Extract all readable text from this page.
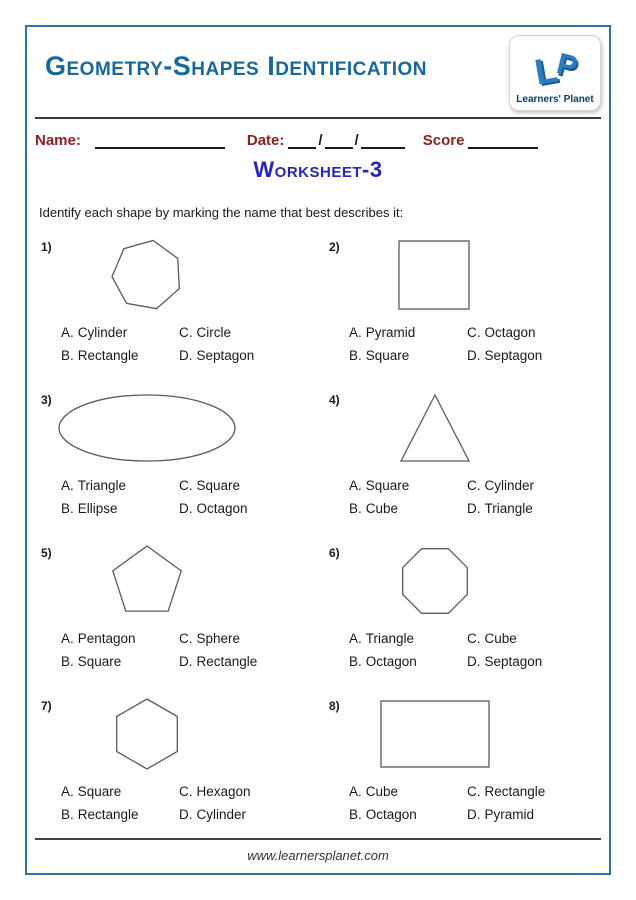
Geometry-Shapes Identification	LP
Learners' Planet
Name:	Date: / /	Score
Worksheet-3

Identify each shape by marking the name that best describes it:

1)
A. Cylinder
B. Rectangle
C. Circle
D. Septagon
2)
A. Pyramid
B. Square
C. Octagon
D. Septagon
3)
A. Triangle
B. Ellipse
C. Square
D. Octagon
4)
A. Square
B. Cube
C. Cylinder
D. Triangle
5)
A. Pentagon
B. Square
C. Sphere
D. Rectangle
6)
A. Triangle
B. Octagon
C. Cube
D. Septagon
7)
A. Square
B. Rectangle
C. Hexagon
D. Cylinder
8)
A. Cube
B. Octagon
C. Rectangle
D. Pyramid
www.learnersplanet.com
